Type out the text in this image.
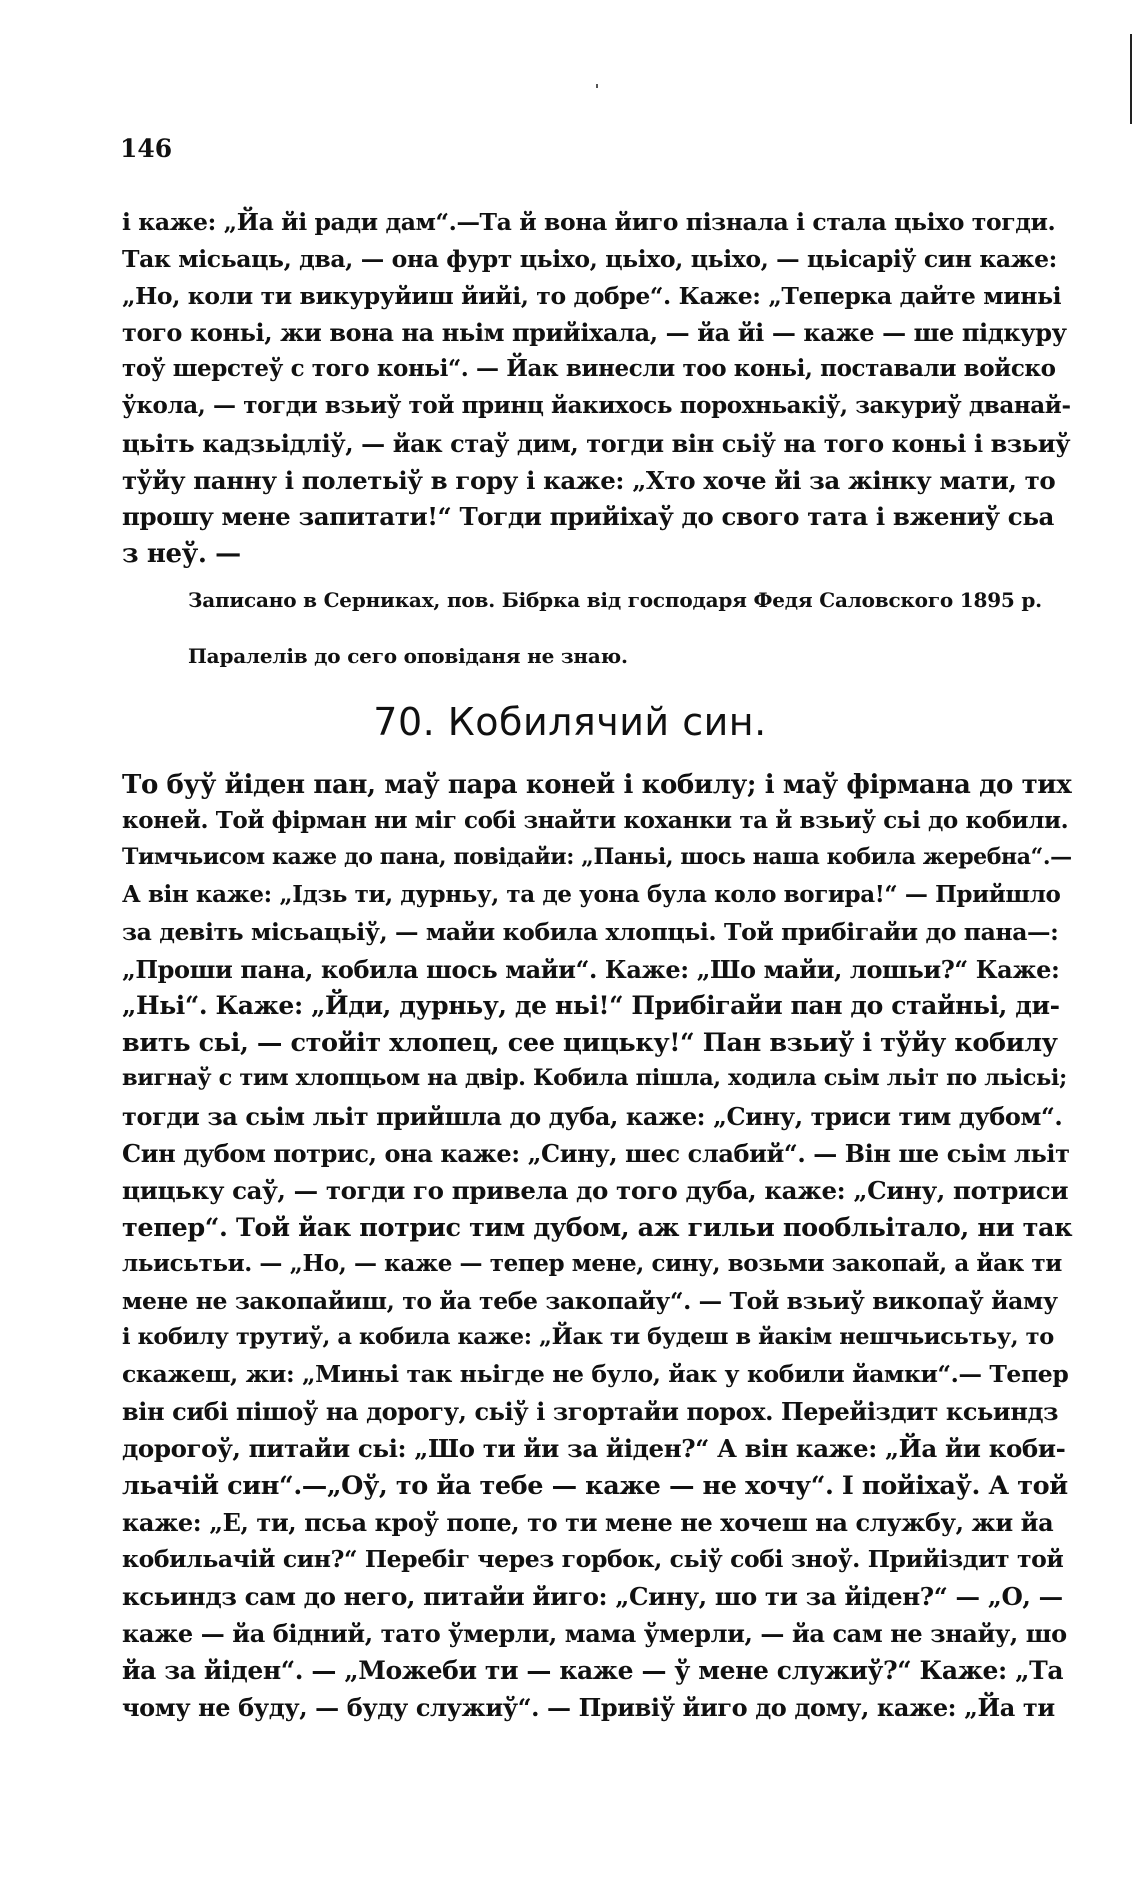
146
і каже: „Йа йі ради дам“.—Та й вона йиго пізнала і стала цьіхо тогди.
Так місьаць, два, — она фурт цьіхо, цьіхо, цьіхо, — цьісаріў син каже:
„Но, коли ти викуруйиш йийі, то добре“. Каже: „Теперка дайте миньі
того коньі, жи вона на ньім прийіхала, — йа йі — каже — ше підкуру
тоў шерстеў с того коньі“. — Йак винесли тоо коньі, поставали войско
ўкола, — тогди взьиў той принц йакихось порохньакіў, закуриў дванай-
цьіть кадзьідліў, — йак стаў дим, тогди він сьіў на того коньі і взьиў
тўйу панну і полетьіў в гору і каже: „Хто хоче йі за жінку мати, то
прошу мене запитати!“ Тогди прийіхаў до свого тата і вжениў сьа
з неў. —
Записано в Серниках, пов. Бібрка від господаря Федя Саловского 1895 р.
Паралелів до сего оповіданя не знаю.
70. Кобилячий син.
То буў йіден пан, маў пара коней і кобилу; і маў фірмана до тих
коней. Той фірман ни міг собі знайти коханки та й взьиў сьі до кобили.
Тимчьисом каже до пана, повідайи: „Паньі, шось наша кобила жеребна“.—
А він каже: „Ідзь ти, дурньу, та де уона була коло вогира!“ — Прийшло
за девіть місьацьіў, — майи кобила хлопцьі. Той прибігайи до пана—:
„Проши пана, кобила шось майи“. Каже: „Шо майи, лошьи?“ Каже:
„Ньі“. Каже: „Йди, дурньу, де ньі!“ Прибігайи пан до стайньі, ди-
вить сьі, — стойіт хлопец, сее цицьку!“ Пан взьиў і тўйу кобилу
вигнаў с тим хлопцьом на двір. Кобила пішла, ходила сьім льіт по льісьі;
тогди за сьім льіт прийшла до дуба, каже: „Сину, триси тим дубом“.
Син дубом потрис, она каже: „Сину, шес слабий“. — Він ше сьім льіт
цицьку саў, — тогди го привела до того дуба, каже: „Сину, потриси
тепер“. Той йак потрис тим дубом, аж гильи пообльітало, ни так
льисьтьи. — „Но, — каже — тепер мене, сину, возьми закопай, а йак ти
мене не закопайиш, то йа тебе закопайу“. — Той взьиў викопаў йаму
і кобилу трутиў, а кобила каже: „Йак ти будеш в йакім нешчьисьтьу, то
скажеш, жи: „Миньі так ньігде не було, йак у кобили йамки“.— Тепер
він сибі пішоў на дорогу, сьіў і згортайи порох. Перейіздит ксьиндз
дорогоў, питайи сьі: „Шо ти йи за йіден?“ А він каже: „Йа йи коби-
льачій син“.—„Оў, то йа тебе — каже — не хочу“. І пойіхаў. А той
каже: „Е, ти, псьа кроў попе, то ти мене не хочеш на службу, жи йа
кобильачій син?“ Перебіг через горбок, сьіў собі зноў. Прийіздит той
ксьиндз сам до него, питайи йиго: „Сину, шо ти за йіден?“ — „О, —
каже — йа бідний, тато ўмерли, мама ўмерли, — йа сам не знайу, шо
йа за йіден“. — „Можеби ти — каже — ў мене служиў?“ Каже: „Та
чому не буду, — буду служиў“. — Привіў йиго до дому, каже: „Йа ти
